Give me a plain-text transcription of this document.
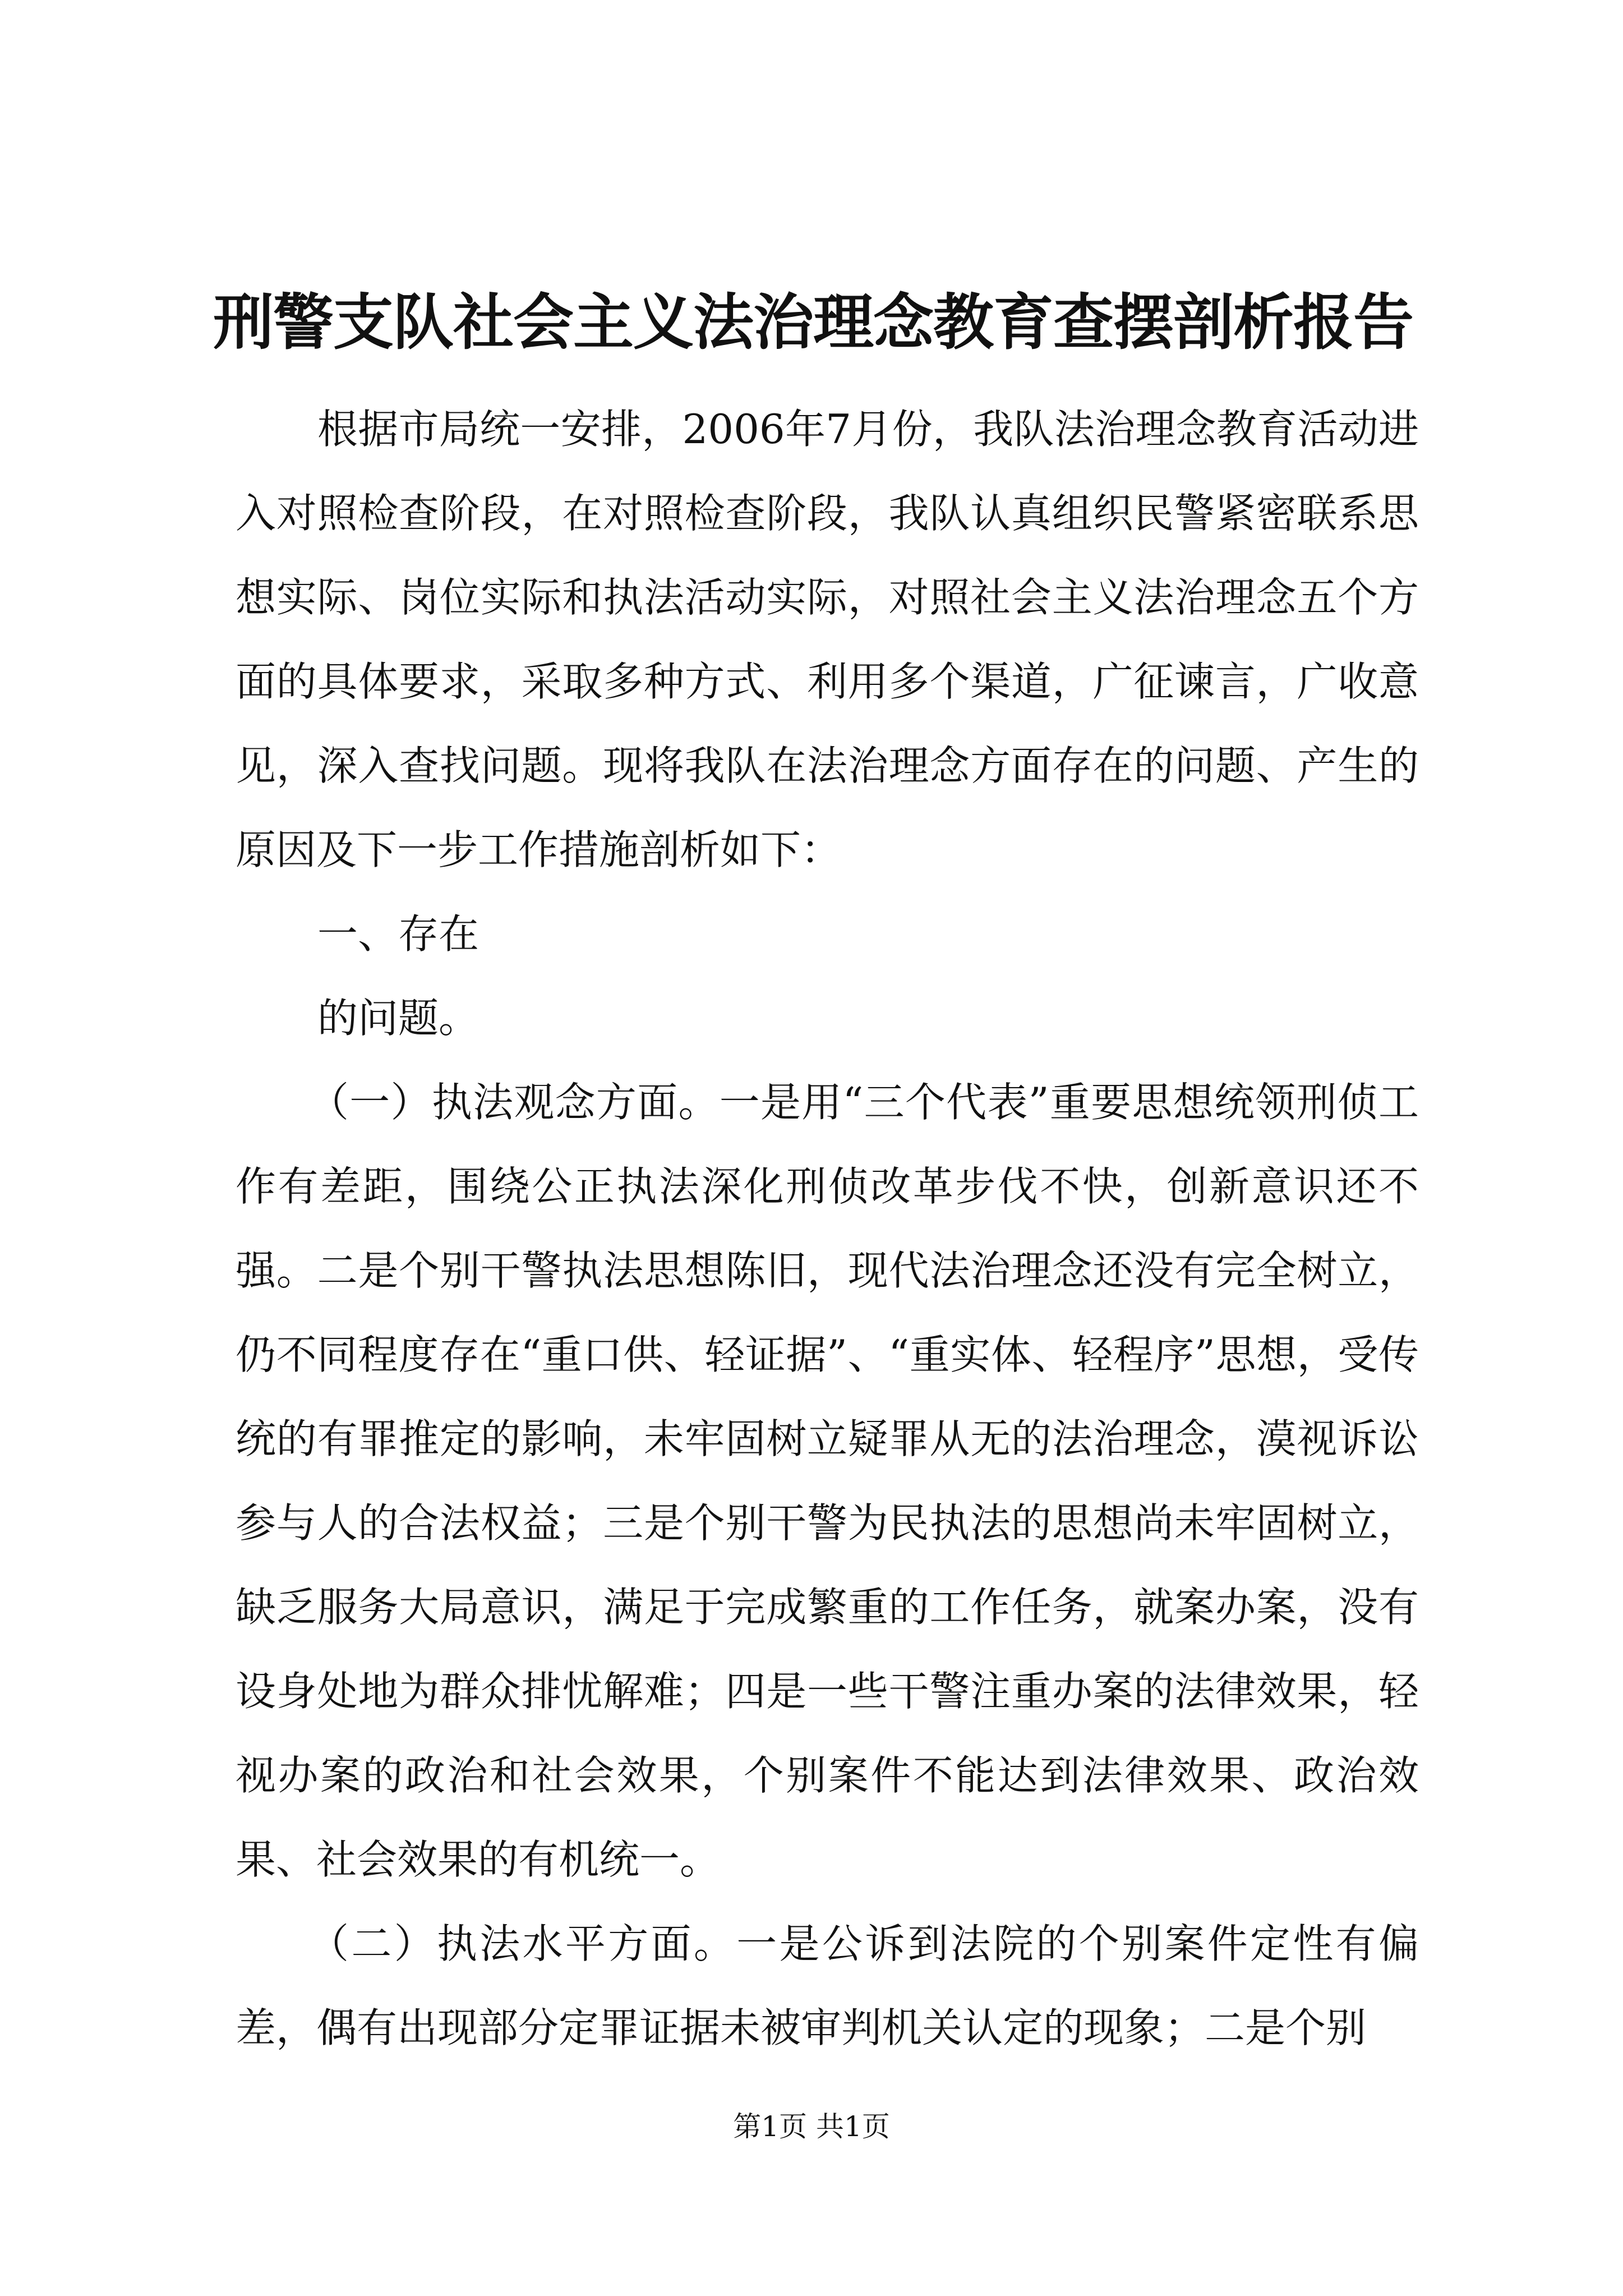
刑警支队社会主义法治理念教育查摆剖析报告

根据市局统一安排，2006年7月份，我队法治理念教育活动进入对照检查阶段，在对照检查阶段，我队认真组织民警紧密联系思想实际、岗位实际和执法活动实际，对照社会主义法治理念五个方面的具体要求，采取多种方式、利用多个渠道，广征谏言，广收意见，深入查找问题。现将我队在法治理念方面存在的问题、产生的原因及下一步工作措施剖析如下：

一、存在

的问题。

（一）执法观念方面。一是用“三个代表”重要思想统领刑侦工作有差距，围绕公正执法深化刑侦改革步伐不快，创新意识还不强。二是个别干警执法思想陈旧，现代法治理念还没有完全树立，仍不同程度存在“重口供、轻证据”、“重实体、轻程序”思想，受传统的有罪推定的影响，未牢固树立疑罪从无的法治理念，漠视诉讼参与人的合法权益；三是个别干警为民执法的思想尚未牢固树立，缺乏服务大局意识，满足于完成繁重的工作任务，就案办案，没有设身处地为群众排忧解难；四是一些干警注重办案的法律效果，轻视办案的政治和社会效果，个别案件不能达到法律效果、政治效果、社会效果的有机统一。

（二）执法水平方面。一是公诉到法院的个别案件定性有偏差，偶有出现部分定罪证据未被审判机关认定的现象；二是个别

第1页 共1页
